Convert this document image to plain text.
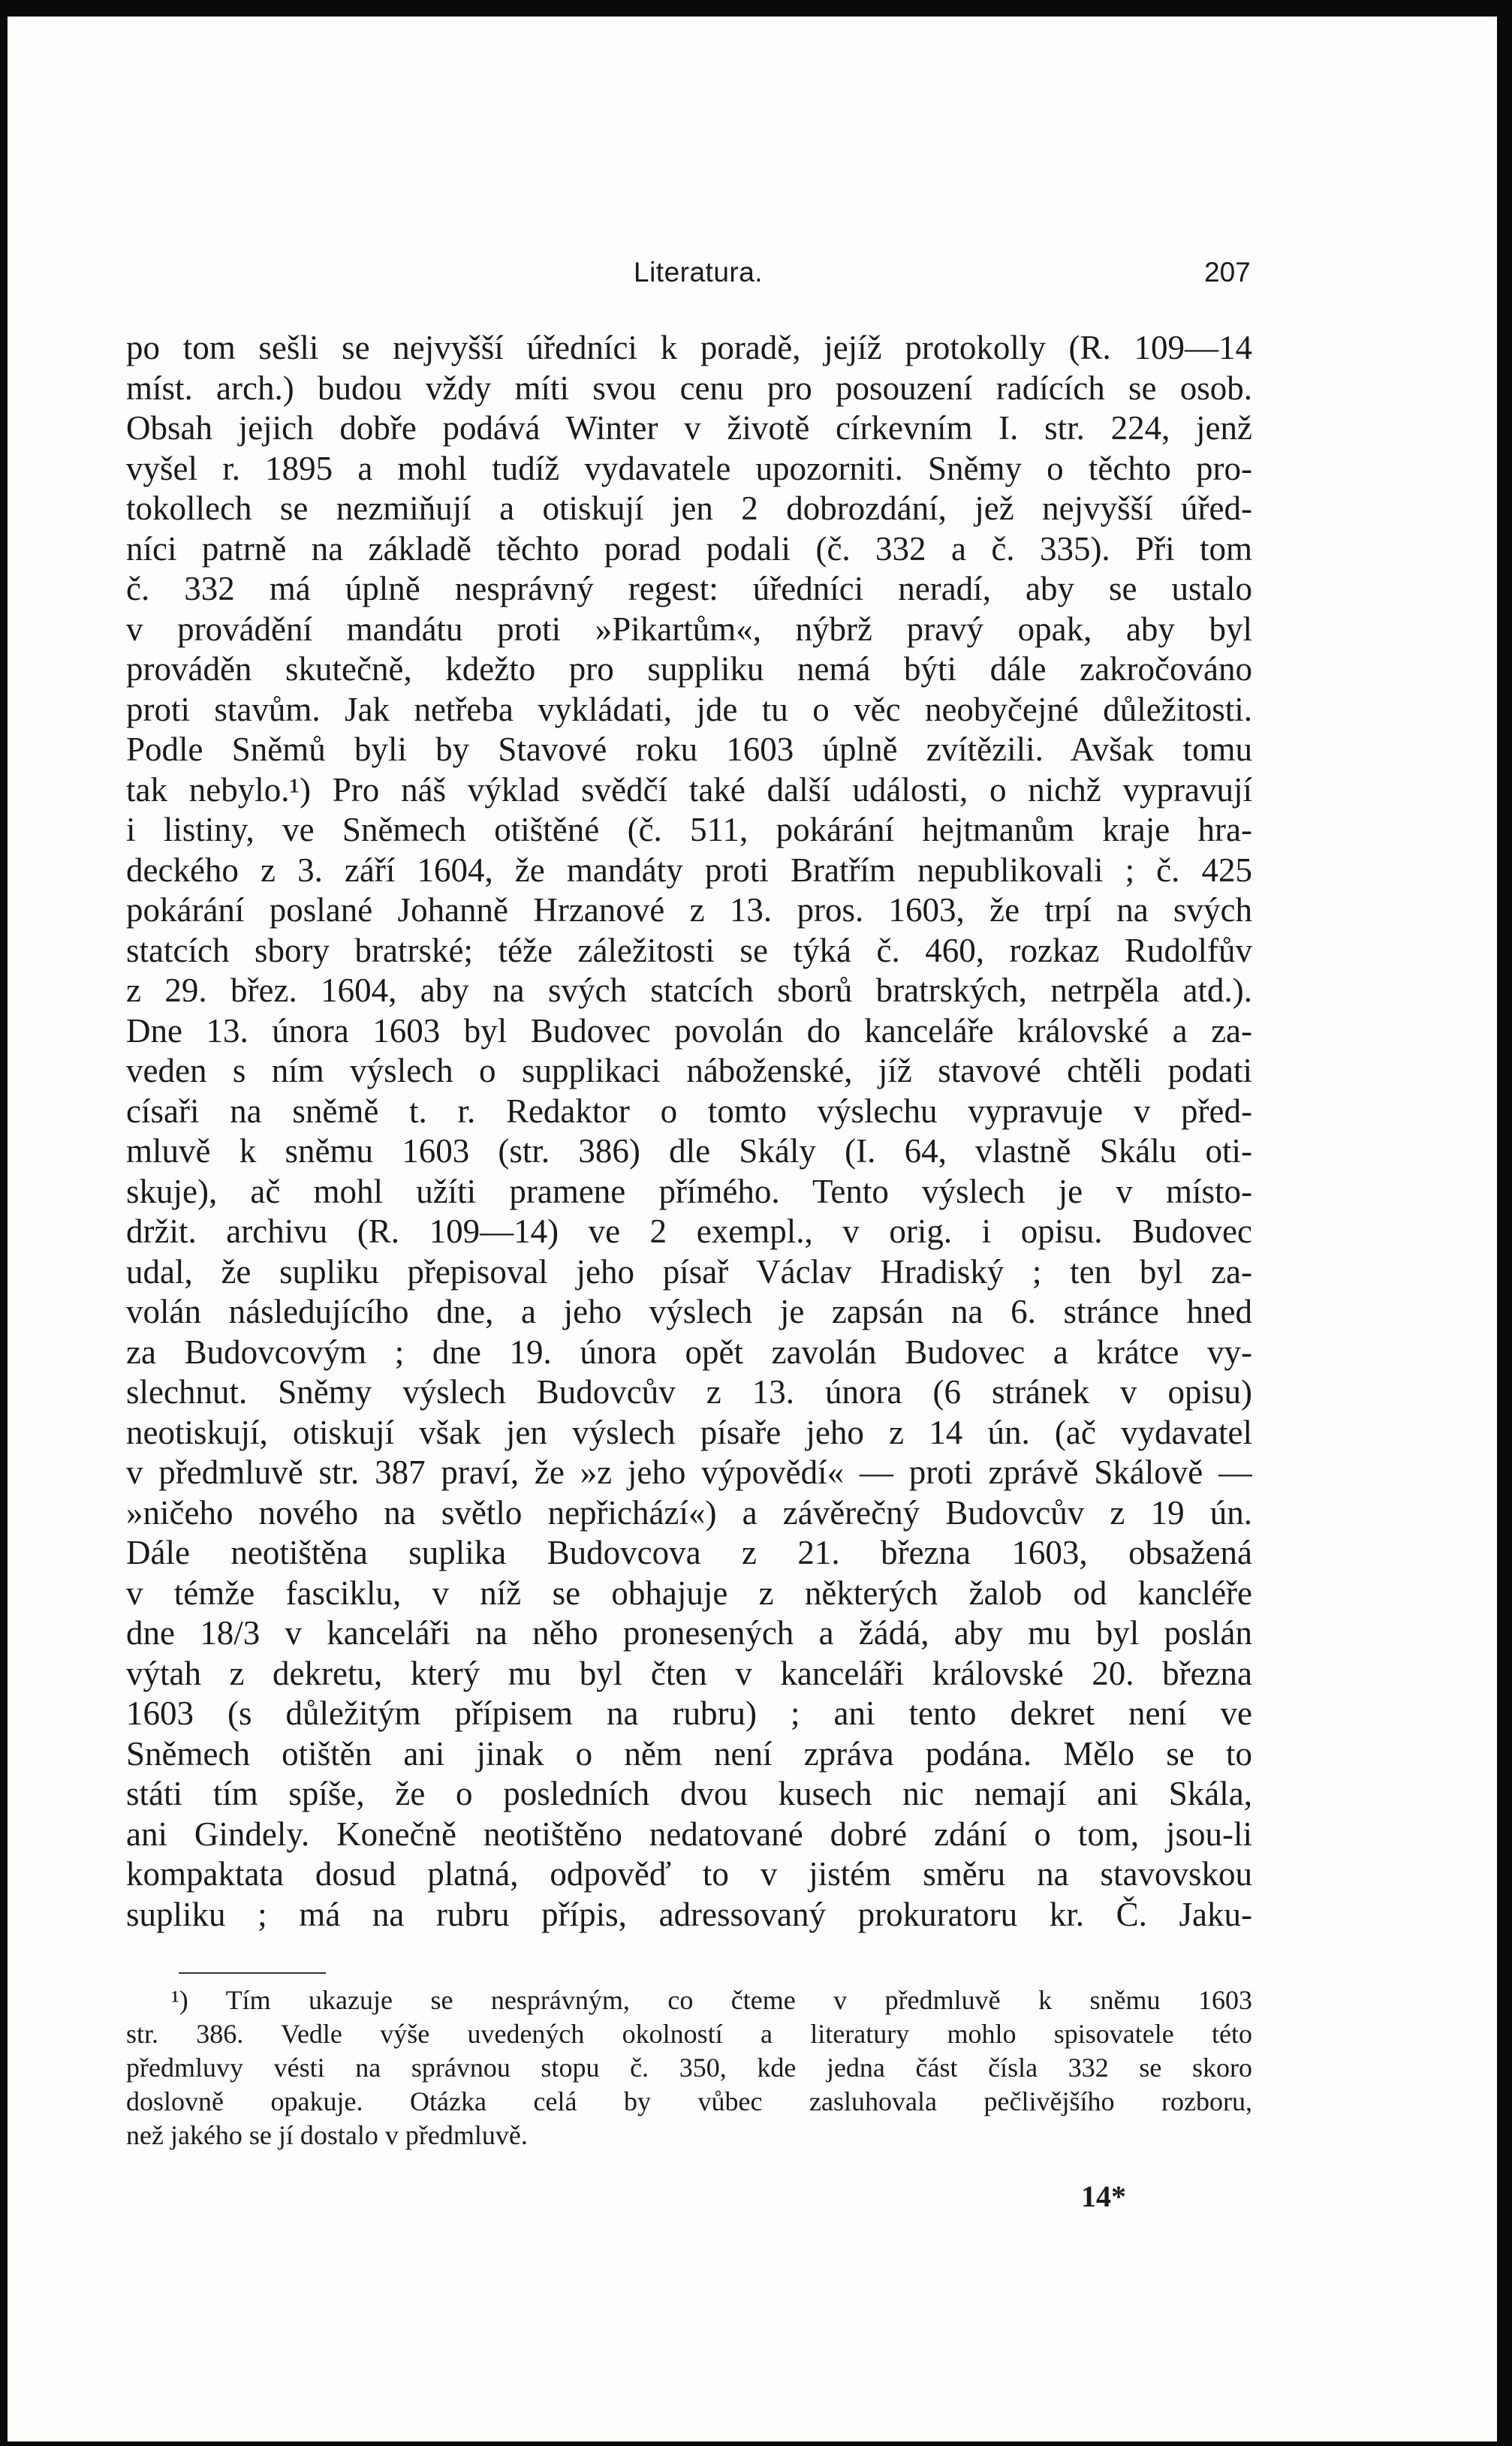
Literatura.	207
po tom sešli se nejvyšší úředníci k poradě, jejíž protokolly (R. 109—14
míst. arch.) budou vždy míti svou cenu pro posouzení radících se osob.
Obsah jejich dobře podává Winter v životě církevním I. str. 224, jenž
vyšel r. 1895 a mohl tudíž vydavatele upozorniti. Sněmy o těchto pro-
tokollech se nezmiňují a otiskují jen 2 dobrozdání, jež nejvyšší úřed-
níci patrně na základě těchto porad podali (č. 332 a č. 335). Při tom
č. 332 má úplně nesprávný regest: úředníci neradí, aby se ustalo
v provádění mandátu proti »Pikartům«, nýbrž pravý opak, aby byl
prováděn skutečně, kdežto pro suppliku nemá býti dále zakročováno
proti stavům. Jak netřeba vykládati, jde tu o věc neobyčejné důležitosti.
Podle Sněmů byli by Stavové roku 1603 úplně zvítězili. Avšak tomu
tak nebylo.¹) Pro náš výklad svědčí také další události, o nichž vypravují
i listiny, ve Sněmech otištěné (č. 511, pokárání hejtmanům kraje hra-
deckého z 3. září 1604, že mandáty proti Bratřím nepublikovali ; č. 425
pokárání poslané Johanně Hrzanové z 13. pros. 1603, že trpí na svých
statcích sbory bratrské; téže záležitosti se týká č. 460, rozkaz Rudolfův
z 29. břez. 1604, aby na svých statcích sborů bratrských, netrpěla atd.).
Dne 13. února 1603 byl Budovec povolán do kanceláře královské a za-
veden s ním výslech o supplikaci náboženské, jíž stavové chtěli podati
císaři na sněmě t. r. Redaktor o tomto výslechu vypravuje v před-
mluvě k sněmu 1603 (str. 386) dle Skály (I. 64, vlastně Skálu oti-
skuje), ač mohl užíti pramene přímého. Tento výslech je v místo-
držit. archivu (R. 109—14) ve 2 exempl., v orig. i opisu. Budovec
udal, že supliku přepisoval jeho písař Václav Hradiský ; ten byl za-
volán následujícího dne, a jeho výslech je zapsán na 6. stránce hned
za Budovcovým ; dne 19. února opět zavolán Budovec a krátce vy-
slechnut. Sněmy výslech Budovcův z 13. února (6 stránek v opisu)
neotiskují, otiskují však jen výslech písaře jeho z 14 ún. (ač vydavatel
v předmluvě str. 387 praví, že »z jeho výpovědí« — proti zprávě Skálově —
»ničeho nového na světlo nepřichází«) a závěrečný Budovcův z 19 ún.
Dále neotištěna suplika Budovcova z 21. března 1603, obsažená
v témže fasciklu, v níž se obhajuje z některých žalob od kancléře
dne 18/3 v kanceláři na něho pronesených a žádá, aby mu byl poslán
výtah z dekretu, který mu byl čten v kanceláři královské 20. března
1603 (s důležitým přípisem na rubru) ; ani tento dekret není ve
Sněmech otištěn ani jinak o něm není zpráva podána. Mělo se to
státi tím spíše, že o posledních dvou kusech nic nemají ani Skála,
ani Gindely. Konečně neotištěno nedatované dobré zdání o tom, jsou-li
kompaktata dosud platná, odpověď to v jistém směru na stavovskou
supliku ; má na rubru přípis, adressovaný prokuratoru kr. Č. Jaku-
¹) Tím ukazuje se nesprávným, co čteme v předmluvě k sněmu 1603
str. 386. Vedle výše uvedených okolností a literatury mohlo spisovatele této
předmluvy vésti na správnou stopu č. 350, kde jedna část čísla 332 se skoro
doslovně opakuje. Otázka celá by vůbec zasluhovala pečlivějšího rozboru,
než jakého se jí dostalo v předmluvě.
14*
